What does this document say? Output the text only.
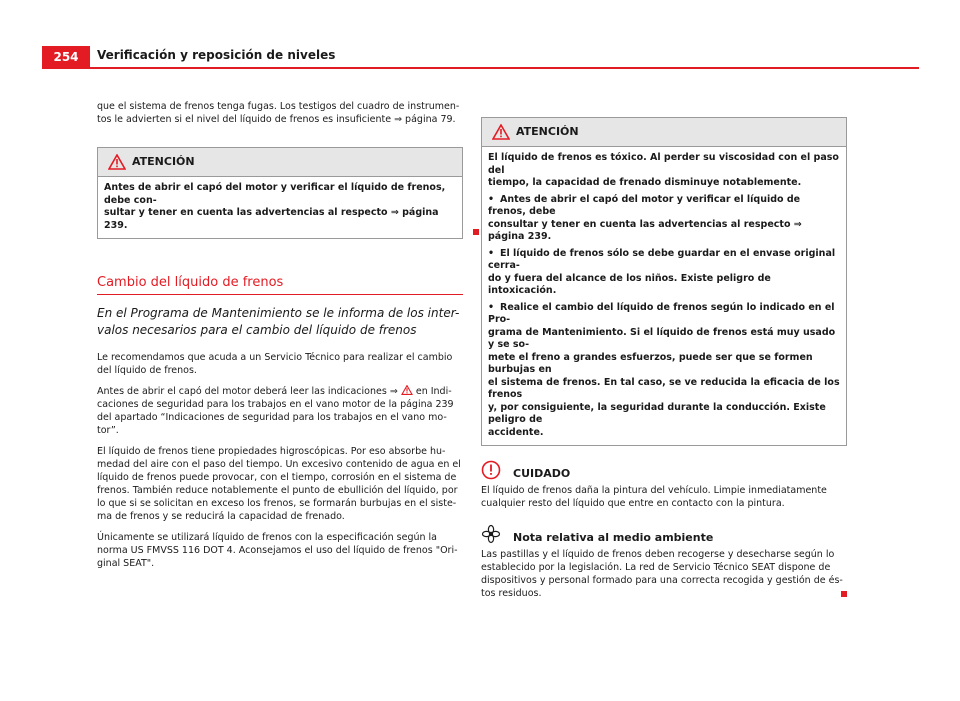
254	Verificación y reposición de niveles

que el sistema de frenos tenga fugas. Los testigos del cuadro de instrumen-

tos le advierten si el nivel del líquido de frenos es insuficiente ⇒ página 79.

ATENCIÓN
Antes de abrir el capó del motor y verificar el líquido de frenos, debe con-
sultar y tener en cuenta las advertencias al respecto ⇒ página 239.
Cambio del líquido de frenos
En el Programa de Mantenimiento se le informa de los inter-
valos necesarios para el cambio del líquido de frenos

Le recomendamos que acuda a un Servicio Técnico para realizar el cambio

del líquido de frenos.

Antes de abrir el capó del motor deberá leer las indicaciones ⇒ en Indi-

caciones de seguridad para los trabajos en el vano motor de la página 239

del apartado “Indicaciones de seguridad para los trabajos en el vano mo-

tor”.

El líquido de frenos tiene propiedades higroscópicas. Por eso absorbe hu-

medad del aire con el paso del tiempo. Un excesivo contenido de agua en el

líquido de frenos puede provocar, con el tiempo, corrosión en el sistema de

frenos. También reduce notablemente el punto de ebullición del líquido, por

lo que si se solicitan en exceso los frenos, se formarán burbujas en el siste-

ma de frenos y se reducirá la capacidad de frenado.

Únicamente se utilizará líquido de frenos con la especificación según la

norma US FMVSS 116 DOT 4. Aconsejamos el uso del líquido de frenos "Ori-

ginal SEAT".

ATENCIÓN
El líquido de frenos es tóxico. Al perder su viscosidad con el paso del
tiempo, la capacidad de frenado disminuye notablemente.
• Antes de abrir el capó del motor y verificar el líquido de frenos, debe
consultar y tener en cuenta las advertencias al respecto ⇒ página 239.
• El líquido de frenos sólo se debe guardar en el envase original cerra-
do y fuera del alcance de los niños. Existe peligro de intoxicación.
• Realice el cambio del líquido de frenos según lo indicado en el Pro-
grama de Mantenimiento. Si el líquido de frenos está muy usado y se so-
mete el freno a grandes esfuerzos, puede ser que se formen burbujas en
el sistema de frenos. En tal caso, se ve reducida la eficacia de los frenos
y, por consiguiente, la seguridad durante la conducción. Existe peligro de
accidente.
CUIDADO

El líquido de frenos daña la pintura del vehículo. Limpie inmediatamente

cualquier resto del líquido que entre en contacto con la pintura.

Nota relativa al medio ambiente

Las pastillas y el líquido de frenos deben recogerse y desecharse según lo

establecido por la legislación. La red de Servicio Técnico SEAT dispone de

dispositivos y personal formado para una correcta recogida y gestión de és-

tos residuos.
